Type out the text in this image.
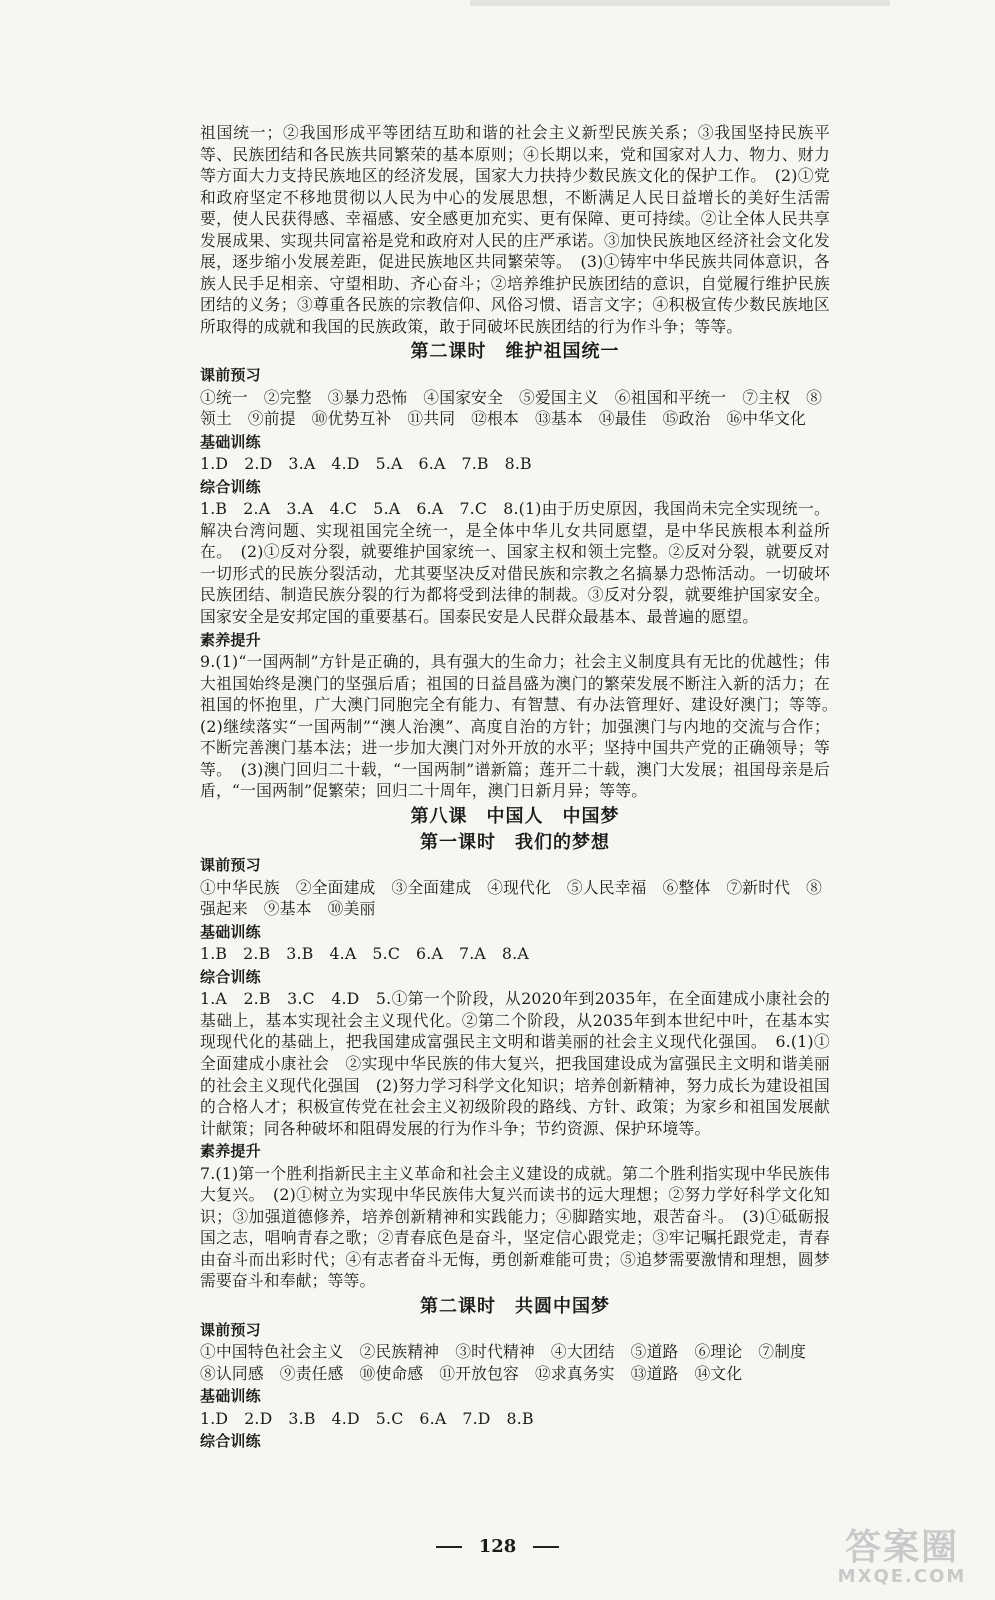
祖国统一；②我国形成平等团结互助和谐的社会主义新型民族关系；③我国坚持民族平等、民族团结和各民族共同繁荣的基本原则；④长期以来，党和国家对人力、物力、财力等方面大力支持民族地区的经济发展，国家大力扶持少数民族文化的保护工作。　(2)①党和政府坚定不移地贯彻以人民为中心的发展思想，不断满足人民日益增长的美好生活需要，使人民获得感、幸福感、安全感更加充实、更有保障、更可持续。②让全体人民共享发展成果、实现共同富裕是党和政府对人民的庄严承诺。③加快民族地区经济社会文化发展，逐步缩小发展差距，促进民族地区共同繁荣等。　(3)①铸牢中华民族共同体意识，各族人民手足相亲、守望相助、齐心奋斗；②培养维护民族团结的意识，自觉履行维护民族团结的义务；③尊重各民族的宗教信仰、风俗习惯、语言文字；④积极宣传少数民族地区所取得的成就和我国的民族政策，敢于同破坏民族团结的行为作斗争；等等。

第二课时　维护祖国统一
课前预习

①统一　②完整　③暴力恐怖　④国家安全　⑤爱国主义　⑥祖国和平统一　⑦主权　⑧领土　⑨前提　⑩优势互补　⑪共同　⑫根本　⑬基本　⑭最佳　⑮政治　⑯中华文化

基础训练

1.D　2.D　3.A　4.D　5.A　6.A　7.B　8.B

综合训练

1.B　2.A　3.A　4.C　5.A　6.A　7.C　8.(1)由于历史原因，我国尚未完全实现统一。解决台湾问题、实现祖国完全统一，是全体中华儿女共同愿望，是中华民族根本利益所在。　(2)①反对分裂，就要维护国家统一、国家主权和领土完整。②反对分裂，就要反对一切形式的民族分裂活动，尤其要坚决反对借民族和宗教之名搞暴力恐怖活动。一切破坏民族团结、制造民族分裂的行为都将受到法律的制裁。③反对分裂，就要维护国家安全。国家安全是安邦定国的重要基石。国泰民安是人民群众最基本、最普遍的愿望。

素养提升

9.(1)“一国两制”方针是正确的，具有强大的生命力；社会主义制度具有无比的优越性；伟大祖国始终是澳门的坚强后盾；祖国的日益昌盛为澳门的繁荣发展不断注入新的活力；在祖国的怀抱里，广大澳门同胞完全有能力、有智慧、有办法管理好、建设好澳门；等等。　(2)继续落实“一国两制”“澳人治澳”、高度自治的方针；加强澳门与内地的交流与合作；不断完善澳门基本法；进一步加大澳门对外开放的水平；坚持中国共产党的正确领导；等等。　(3)澳门回归二十载，“一国两制”谱新篇；莲开二十载，澳门大发展；祖国母亲是后盾，“一国两制”促繁荣；回归二十周年，澳门日新月异；等等。

第八课　中国人　中国梦
第一课时　我们的梦想
课前预习

①中华民族　②全面建成　③全面建成　④现代化　⑤人民幸福　⑥整体　⑦新时代　⑧强起来　⑨基本　⑩美丽

基础训练

1.B　2.B　3.B　4.A　5.C　6.A　7.A　8.A

综合训练

1.A　2.B　3.C　4.D　5.①第一个阶段，从2020年到2035年，在全面建成小康社会的基础上，基本实现社会主义现代化。②第二个阶段，从2035年到本世纪中叶，在基本实现现代化的基础上，把我国建成富强民主文明和谐美丽的社会主义现代化强国。　6.(1)①全面建成小康社会　②实现中华民族的伟大复兴，把我国建设成为富强民主文明和谐美丽的社会主义现代化强国　(2)努力学习科学文化知识；培养创新精神，努力成长为建设祖国的合格人才；积极宣传党在社会主义初级阶段的路线、方针、政策；为家乡和祖国发展献计献策；同各种破坏和阻碍发展的行为作斗争；节约资源、保护环境等。

素养提升

7.(1)第一个胜利指新民主主义革命和社会主义建设的成就。第二个胜利指实现中华民族伟大复兴。　(2)①树立为实现中华民族伟大复兴而读书的远大理想；②努力学好科学文化知识；③加强道德修养，培养创新精神和实践能力；④脚踏实地，艰苦奋斗。　(3)①砥砺报国之志，唱响青春之歌；②青春底色是奋斗，坚定信心跟党走；③牢记嘱托跟党走，青春由奋斗而出彩时代；④有志者奋斗无悔，勇创新难能可贵；⑤追梦需要激情和理想，圆梦需要奋斗和奉献；等等。

第二课时　共圆中国梦
课前预习

①中国特色社会主义　②民族精神　③时代精神　④大团结　⑤道路　⑥理论　⑦制度　⑧认同感　⑨责任感　⑩使命感　⑪开放包容　⑫求真务实　⑬道路　⑭文化

基础训练

1.D　2.D　3.B　4.D　5.C　6.A　7.D　8.B

综合训练
128	答案圈
MXQE.COM
